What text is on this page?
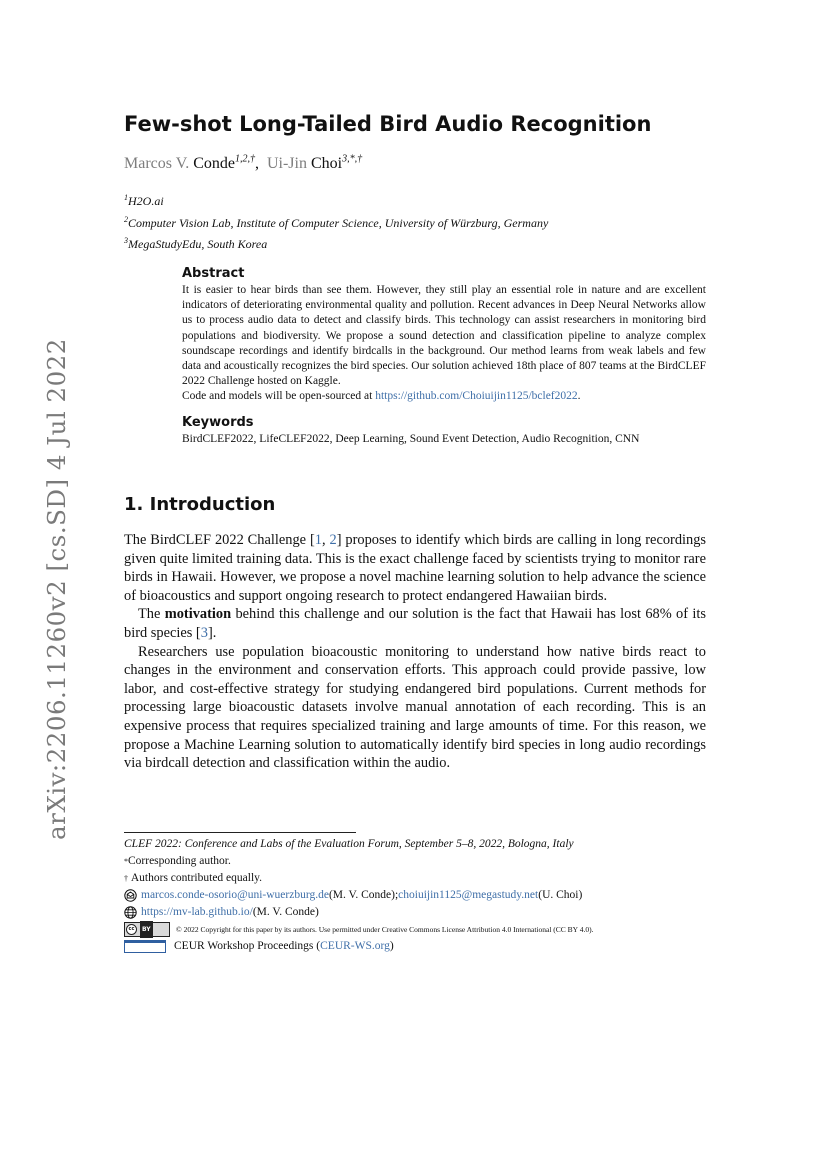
arXiv:2206.11260v2 [cs.SD] 4 Jul 2022
Few-shot Long-Tailed Bird Audio Recognition
Marcos V. Conde$^{1,2,\dagger}$,  Ui-Jin Choi$^{3,*,\dagger}$
$^1$H2O.ai
$^2$Computer Vision Lab, Institute of Computer Science, University of Würzburg, Germany
$^3$MegaStudyEdu, South Korea
Abstract
It is easier to hear birds than see them. However, they still play an essential role in nature and are excellent indicators of deteriorating environmental quality and pollution. Recent advances in Deep Neural Networks allow us to process audio data to detect and classify birds. This technology can assist researchers in monitoring bird populations and biodiversity. We propose a sound detection and classification pipeline to analyze complex soundscape recordings and identify birdcalls in the background. Our method learns from weak labels and few data and acoustically recognizes the bird species. Our solution achieved 18th place of 807 teams at the BirdCLEF 2022 Challenge hosted on Kaggle.
Code and models will be open-sourced at https://github.com/Choiuijin1125/bclef2022.
Keywords
BirdCLEF2022, LifeCLEF2022, Deep Learning, Sound Event Detection, Audio Recognition, CNN
1. Introduction

The BirdCLEF 2022 Challenge [1, 2] proposes to identify which birds are calling in long recordings given quite limited training data. This is the exact challenge faced by scientists trying to monitor rare birds in Hawaii. However, we propose a novel machine learning solution to help advance the science of bioacoustics and support ongoing research to protect endangered Hawaiian birds.

The motivation behind this challenge and our solution is the fact that Hawaii has lost 68% of its bird species [3].

Researchers use population bioacoustic monitoring to understand how native birds react to changes in the environment and conservation efforts. This approach could provide passive, low labor, and cost-effective strategy for studying endangered bird populations. Current methods for processing large bioacoustic datasets involve manual annotation of each recording. This is an expensive process that requires specialized training and large amounts of time. For this reason, we propose a Machine Learning solution to automatically identify bird species in long audio recordings via birdcall detection and classification within the audio.

CLEF 2022: Conference and Labs of the Evaluation Forum, September 5–8, 2022, Bologna, Italy
* Corresponding author.
†
Authors contributed equally.
marcos.conde-osorio@uni-wuerzburg.de (M. V. Conde); choiuijin1125@megastudy.net (U. Choi)
https://mv-lab.github.io/ (M. V. Conde)
cc	BY	© 2022 Copyright for this paper by its authors. Use permitted under Creative Commons License Attribution 4.0 International (CC BY 4.0).
CEUR Workshop Proceedings ( CEUR-WS.org )
